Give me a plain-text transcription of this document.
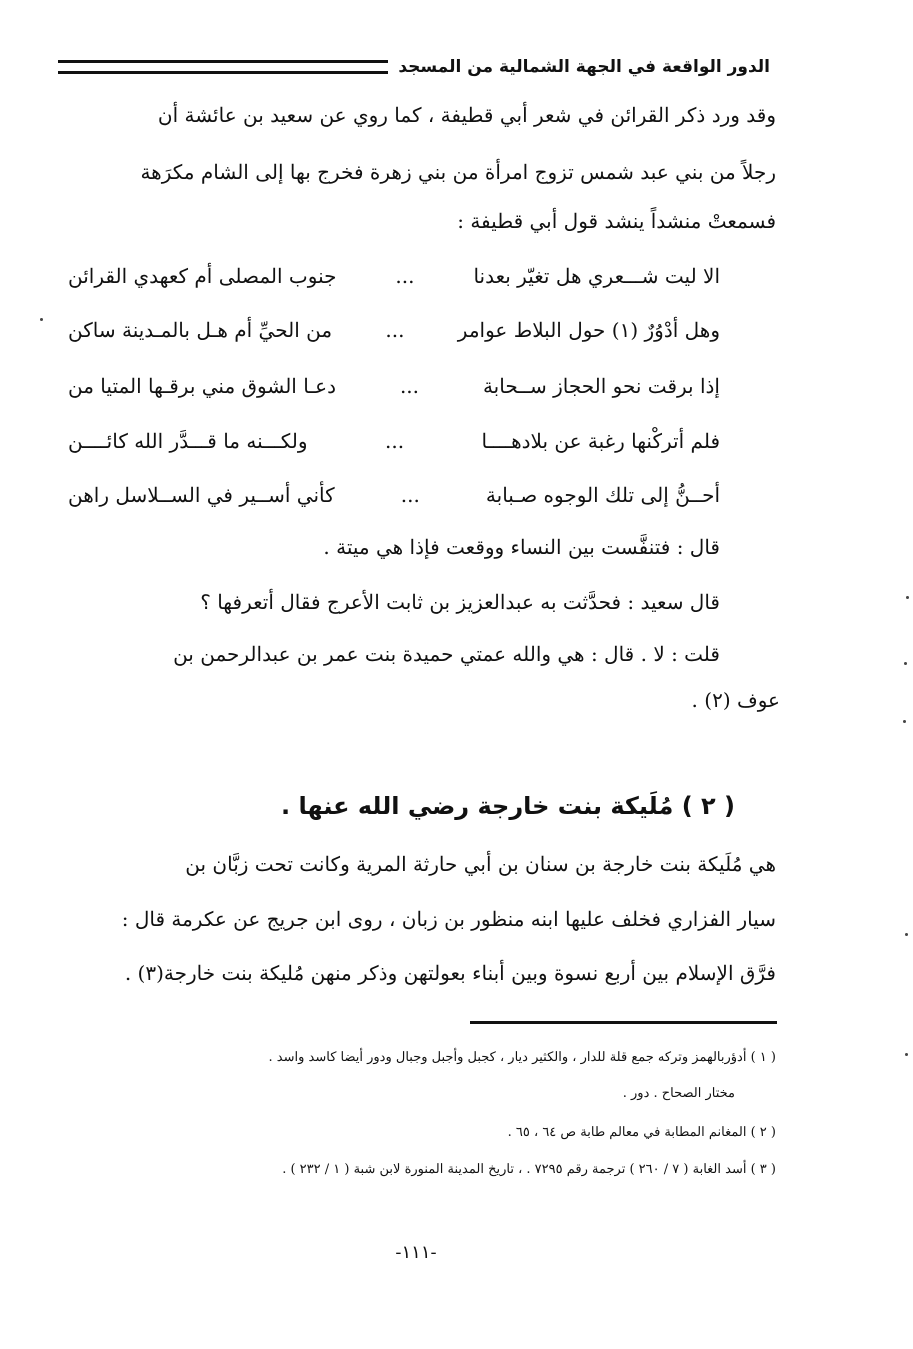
الدور الواقعة في الجهة الشمالية من المسجد
وقد ورد ذكر القرائن في شعر أبي قطيفة ، كما روي عن سعيد بن عائشة أن
رجلاً من بني عبد شمس تزوج امرأة من بني زهرة فخرج بها إلى الشام مكرَهة
فسمعتْ منشداً ينشد قول أبي قطيفة :
الا ليت شـــعري هل تغيّر بعدنا
...
جنوب المصلى أم كعهدي القرائن
وهل أدْوُرٌ (١) حول البلاط عوامر
...
من الحيِّ أم هـل بالمـدينة ساكن
إذا برقت نحو الحجاز ســحابة
...
دعـا الشوق مني برقـها المتيا من
فلم أتركْنها رغبة عن بلادهــــا
...
ولكـــنه ما قـــدَّر الله كائــــن
أحــنُّ إلى تلك الوجوه صـبابة
...
كأني أســير في الســلاسل راهن
قال : فتنفَّست بين النساء ووقعت فإذا هي ميتة .
قال سعيد : فحدَّثت به عبدالعزيز بن ثابت الأعرج فقال أتعرفها ؟
قلت : لا . قال : هي والله عمتي حميدة بنت عمر بن عبدالرحمن بن
عوف (٢) .
( ٢ ) مُلَيكة بنت خارجة رضي الله عنها .
هي مُلَيكة بنت خارجة بن سنان بن أبي حارثة المرية وكانت تحت زبَّان بن
سيار الفزاري فخلف عليها ابنه منظور بن زبان ، روى ابن جريج عن عكرمة قال :
فرَّق الإسلام بين أربع نسوة وبين أبناء بعولتهن وذكر منهن مُليكة بنت خارجة(٣) .
( ١ ) أدؤربالهمز وتركه جمع قلة للدار ، والكثير ديار ، كجبل وأجبل وجبال ودور أيضا كاسد واسد .
مختار الصحاح . دور .
( ٢ ) المغانم المطابة في معالم طابة ص ٦٤ ، ٦٥ .
( ٣ ) أسد الغابة ( ٧ / ٢٦٠ ) ترجمة رقم ٧٢٩٥ . ، تاريخ المدينة المنورة لابن شبة ( ١ / ٢٣٢ ) .
-١١١-
